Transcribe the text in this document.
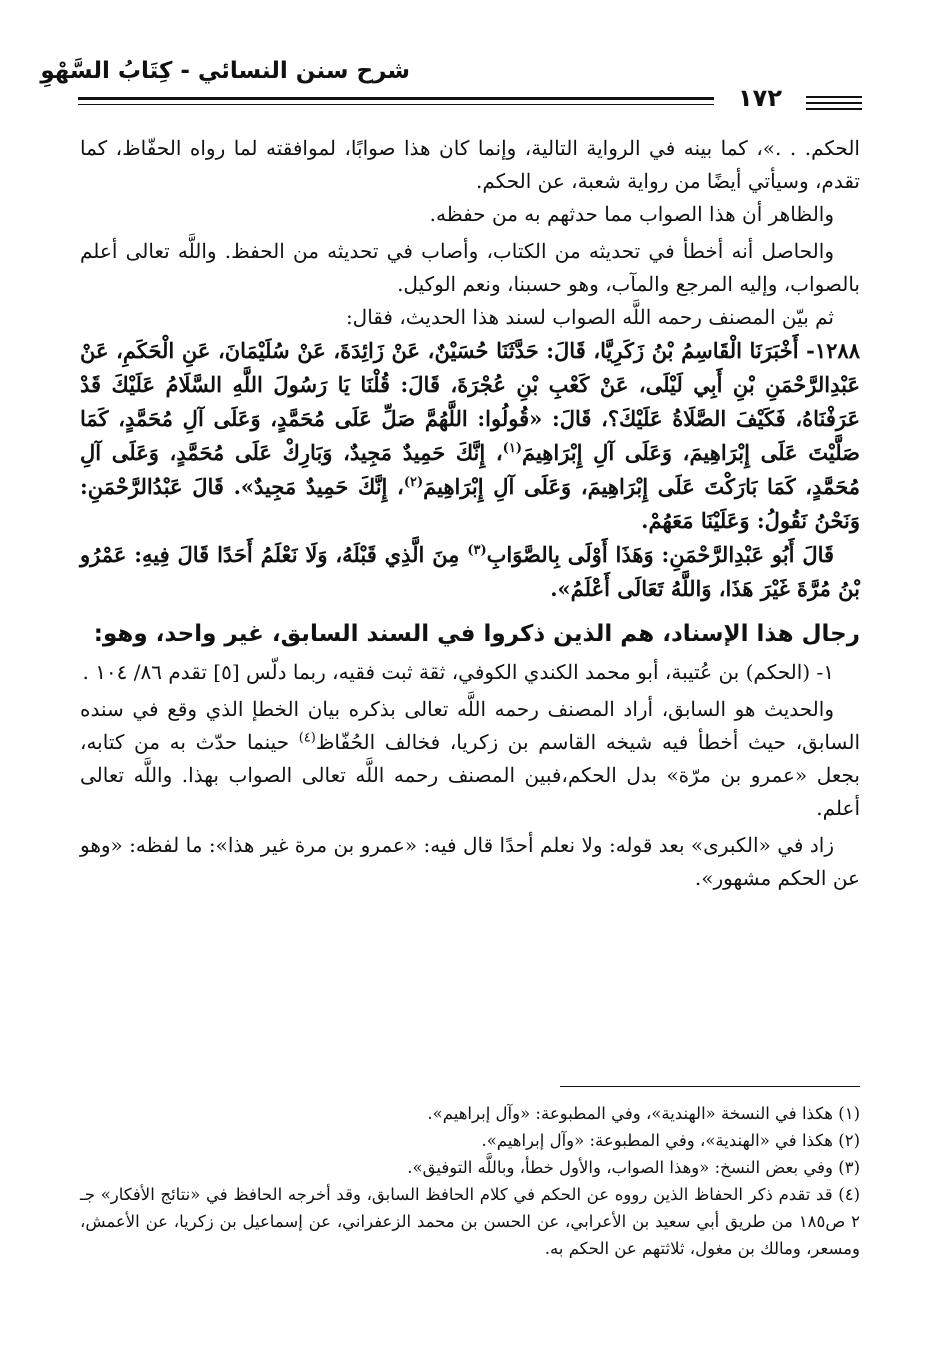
شرح سنن النسائي - كِتَابُ السَّهْوِ
١٧٢

الحكم. . .»، كما بينه في الرواية التالية، وإنما كان هذا صوابًا، لموافقته لما رواه الحفّاظ، كما تقدم، وسيأتي أيضًا من رواية شعبة، عن الحكم.

والظاهر أن هذا الصواب مما حدثهم به من حفظه.

والحاصل أنه أخطأ في تحديثه من الكتاب، وأصاب في تحديثه من الحفظ. واللَّه تعالى أعلم بالصواب، وإليه المرجع والمآب، وهو حسبنا، ونعم الوكيل.

ثم بيّن المصنف رحمه اللَّه الصواب لسند هذا الحديث، فقال:

١٢٨٨- أَخْبَرَنَا الْقَاسِمُ بْنُ زَكَرِيَّا، قَالَ: حَدَّثَنَا حُسَيْنٌ، عَنْ زَائِدَةَ، عَنْ سُلَيْمَانَ، عَنِ الْحَكَمِ، عَنْ عَبْدِالرَّحْمَنِ بْنِ أَبِي لَيْلَى، عَنْ كَعْبِ بْنِ عُجْرَةَ، قَالَ: قُلْنَا يَا رَسُولَ اللَّهِ السَّلَامُ عَلَيْكَ قَدْ عَرَفْنَاهُ، فَكَيْفَ الصَّلَاةُ عَلَيْكَ؟، قَالَ: «قُولُوا: اللَّهُمَّ صَلِّ عَلَى مُحَمَّدٍ، وَعَلَى آلِ مُحَمَّدٍ، كَمَا صَلَّيْتَ عَلَى إِبْرَاهِيمَ، وَعَلَى آلِ إِبْرَاهِيمَ$^{(١)}$، إِنَّكَ حَمِيدٌ مَجِيدٌ، وَبَارِكْ عَلَى مُحَمَّدٍ، وَعَلَى آلِ مُحَمَّدٍ، كَمَا بَارَكْتَ عَلَى إِبْرَاهِيمَ، وَعَلَى آلِ إِبْرَاهِيمَ$^{(٢)}$، إِنَّكَ حَمِيدٌ مَجِيدٌ». قَالَ عَبْدُالرَّحْمَنِ: وَنَحْنُ نَقُولُ: وَعَلَيْنَا مَعَهُمْ.

قَالَ أَبُو عَبْدِالرَّحْمَنِ: وَهَذَا أَوْلَى بِالصَّوَابِ$^{(٣)}$ مِنَ الَّذِي قَبْلَهُ، وَلَا نَعْلَمُ أَحَدًا قَالَ فِيهِ: عَمْرُو بْنُ مُرَّةَ غَيْرَ هَذَا، وَاللَّهُ تَعَالَى أَعْلَمُ».

رجال هذا الإسناد، هم الذين ذكروا في السند السابق، غير واحد، وهو:

١- (الحكم) بن عُتيبة، أبو محمد الكندي الكوفي، ثقة ثبت فقيه، ربما دلّس [٥] تقدم ٨٦/ ١٠٤ .

والحديث هو السابق، أراد المصنف رحمه اللَّه تعالى بذكره بيان الخطإ الذي وقع في سنده السابق، حيث أخطأ فيه شيخه القاسم بن زكريا، فخالف الحُفّاظ$^{(٤)}$ حينما حدّث به من كتابه، بجعل «عمرو بن مرّة» بدل الحكم،فبين المصنف رحمه اللَّه تعالى الصواب بهذا. واللَّه تعالى أعلم.

زاد في «الكبرى» بعد قوله: ولا نعلم أحدًا قال فيه: «عمرو بن مرة غير هذا»: ما لفظه: «وهو عن الحكم مشهور».

(١) هكذا في النسخة «الهندية»، وفي المطبوعة: «وآل إبراهيم».

(٢) هكذا في «الهندية»، وفي المطبوعة: «وآل إبراهيم».

(٣) وفي بعض النسخ: «وهذا الصواب، والأول خطأ، وباللَّه التوفيق».

(٤) قد تقدم ذكر الحفاظ الذين رووه عن الحكم في كلام الحافظ السابق، وقد أخرجه الحافظ في «نتائج الأفكار» جـ ٢ ص١٨٥ من طريق أبي سعيد بن الأعرابي، عن الحسن بن محمد الزعفراني، عن إسماعيل بن زكريا، عن الأعمش، ومسعر، ومالك بن مغول، ثلاثتهم عن الحكم به.
